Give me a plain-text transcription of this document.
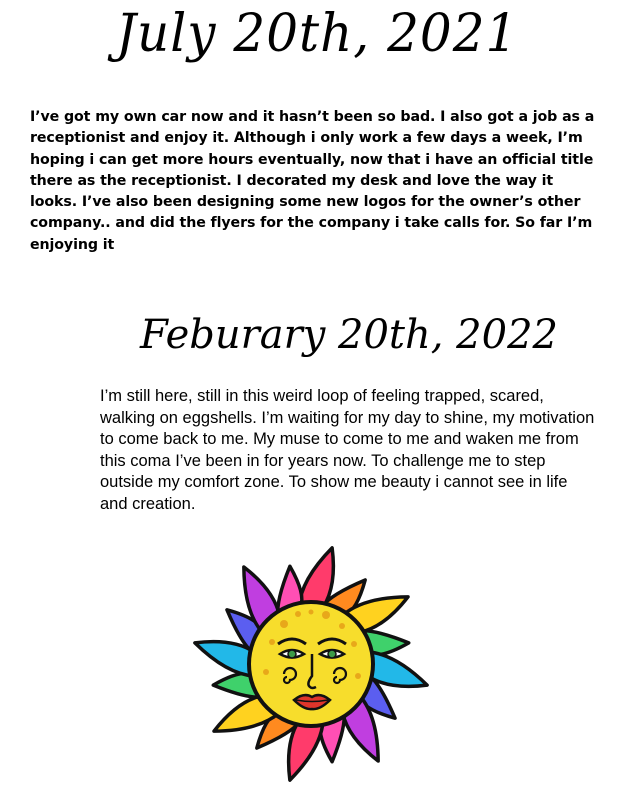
July 20th, 2021
I’ve got my own car now and it hasn’t been so bad. I also got a job as a receptionist and enjoy it. Although i only work a few days a week, I’m hoping i can get more hours eventually, now that i have an official title there as the receptionist. I decorated my desk and love the way it looks. I’ve also been designing some new logos for the owner’s other company.. and did the flyers for the company i take calls for. So far I’m enjoying it
Feburary 20th, 2022
I’m still here, still in this weird loop of feeling trapped, scared, walking on eggshells. I’m waiting for my day to shine, my motivation to come back to me. My muse to come to me and waken me from this coma I’ve been in for years now. To challenge me to step outside my comfort zone. To show me beauty i cannot see in life and creation.
